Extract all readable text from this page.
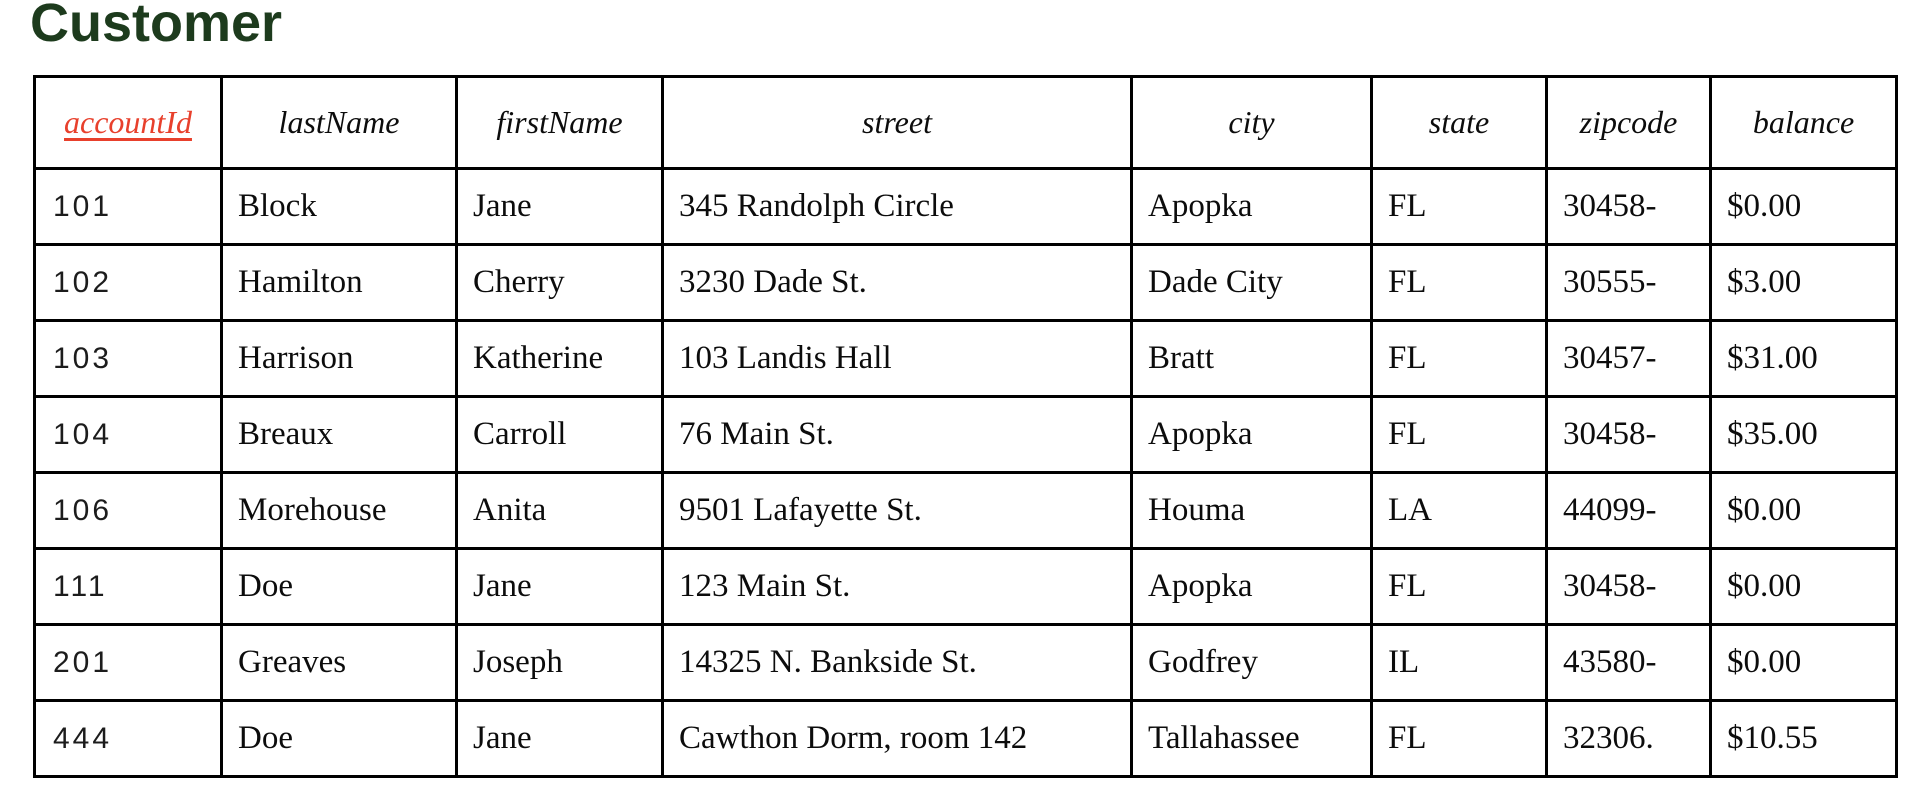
Customer
accountId	lastName	firstName	street	city	state	zipcode	balance
101	Block	Jane	345 Randolph Circle	Apopka	FL	30458-	$0.00
102	Hamilton	Cherry	3230 Dade St.	Dade City	FL	30555-	$3.00
103	Harrison	Katherine	103 Landis Hall	Bratt	FL	30457-	$31.00
104	Breaux	Carroll	76 Main St.	Apopka	FL	30458-	$35.00
106	Morehouse	Anita	9501 Lafayette St.	Houma	LA	44099-	$0.00
111	Doe	Jane	123 Main St.	Apopka	FL	30458-	$0.00
201	Greaves	Joseph	14325 N. Bankside St.	Godfrey	IL	43580-	$0.00
444	Doe	Jane	Cawthon Dorm, room 142	Tallahassee	FL	32306.	$10.55
